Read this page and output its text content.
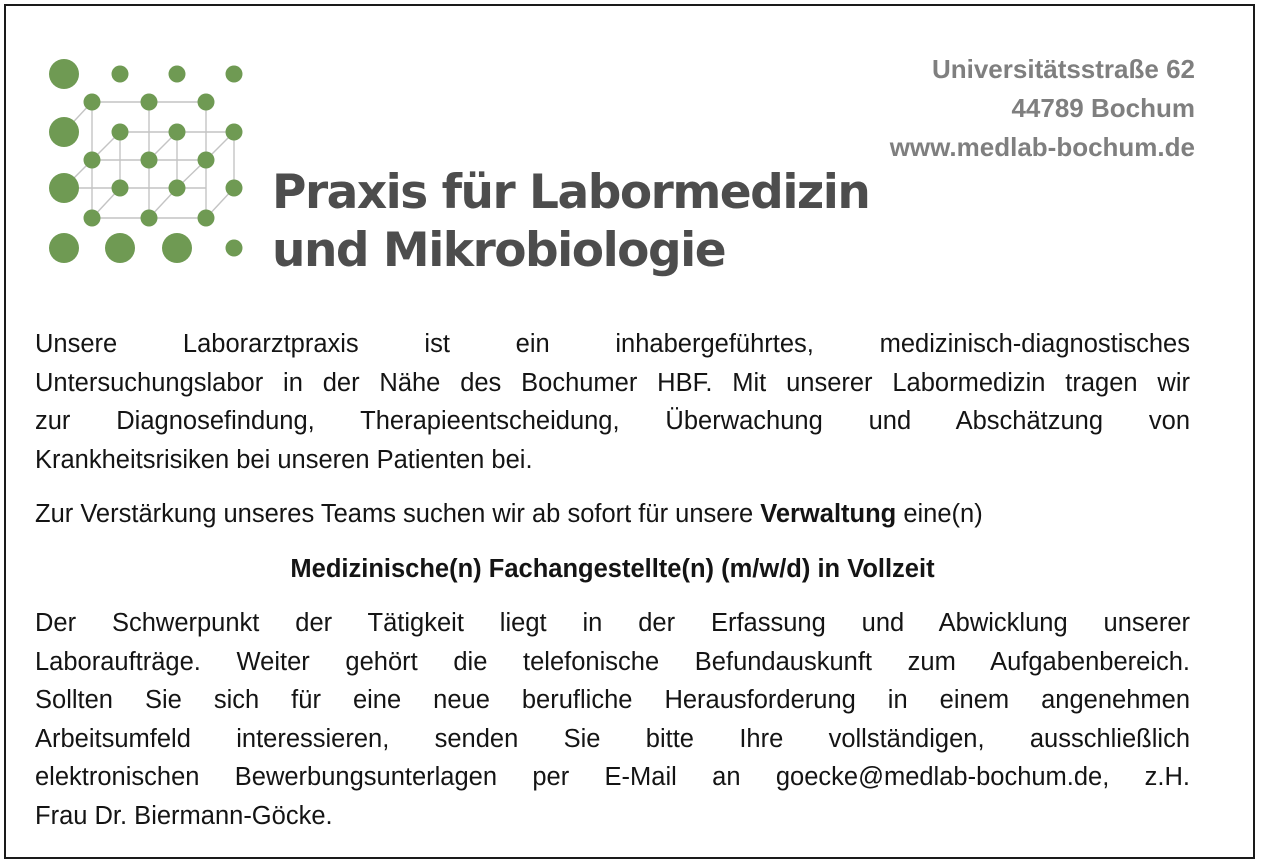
Praxis für Labormedizin
und Mikrobiologie
Universitätsstraße 62
44789 Bochum
www.medlab-bochum.de
Unsere Laborarztpraxis ist ein inhabergeführtes, medizinisch-diagnostisches
Untersuchungslabor in der Nähe des Bochumer HBF. Mit unserer Labormedizin tragen wir
zur Diagnosefindung, Therapieentscheidung, Überwachung und Abschätzung von
Krankheitsrisiken bei unseren Patienten bei.
Zur Verstärkung unseres Teams suchen wir ab sofort für unsere Verwaltung eine(n)
Medizinische(n) Fachangestellte(n) (m/w/d) in Vollzeit
Der Schwerpunkt der Tätigkeit liegt in der Erfassung und Abwicklung unserer
Laboraufträge. Weiter gehört die telefonische Befundauskunft zum Aufgabenbereich.
Sollten Sie sich für eine neue berufliche Herausforderung in einem angenehmen
Arbeitsumfeld interessieren, senden Sie bitte Ihre vollständigen, ausschließlich
elektronischen Bewerbungsunterlagen per E-Mail an goecke@medlab-bochum.de, z.H.
Frau Dr. Biermann-Göcke.
